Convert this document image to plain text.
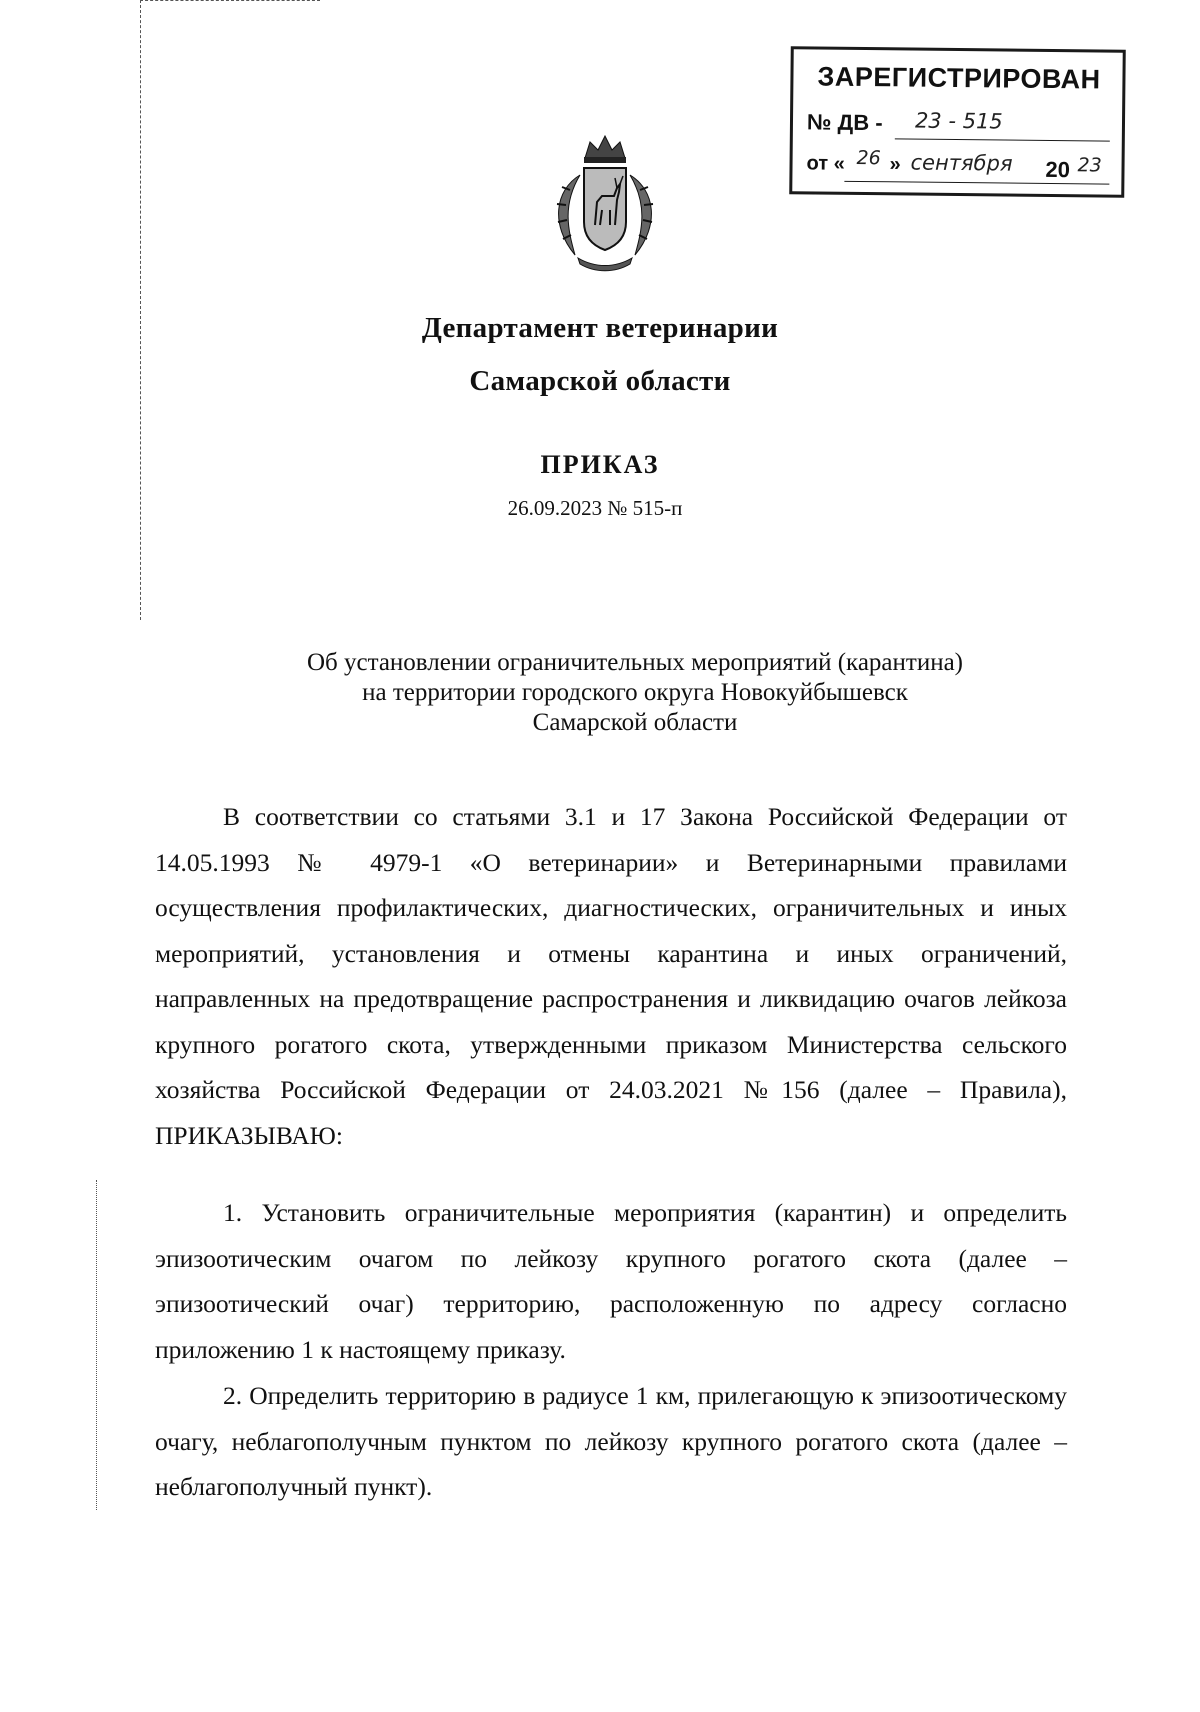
ЗАРЕГИСТРИРОВАН
№ ДВ - 23 - 515
от « 26 » сентября 20 23
Департамент ветеринарии
Самарской области
ПРИКАЗ
26.09.2023 № 515-п
Об установлении ограничительных мероприятий (карантина)
на территории городского округа Новокуйбышевск
Самарской области

В соответствии со статьями 3.1 и 17 Закона Российской Федерации от 14.05.1993 № 4979-1 «О ветеринарии» и Ветеринарными правилами осуществления профилактических, диагностических, ограничительных и иных мероприятий, установления и отмены карантина и иных ограничений, направленных на предотвращение распространения и ликвидацию очагов лейкоза крупного рогатого скота, утвержденными приказом Министерства сельского хозяйства Российской Федерации от 24.03.2021 №156 (далее – Правила), ПРИКАЗЫВАЮ:

1. Установить ограничительные мероприятия (карантин) и определить эпизоотическим очагом по лейкозу крупного рогатого скота (далее – эпизоотический очаг) территорию, расположенную по адресу согласно приложению 1 к настоящему приказу.

2. Определить территорию в радиусе 1 км, прилегающую к эпизоотическому очагу, неблагополучным пунктом по лейкозу крупного рогатого скота (далее – неблагополучный пункт).
